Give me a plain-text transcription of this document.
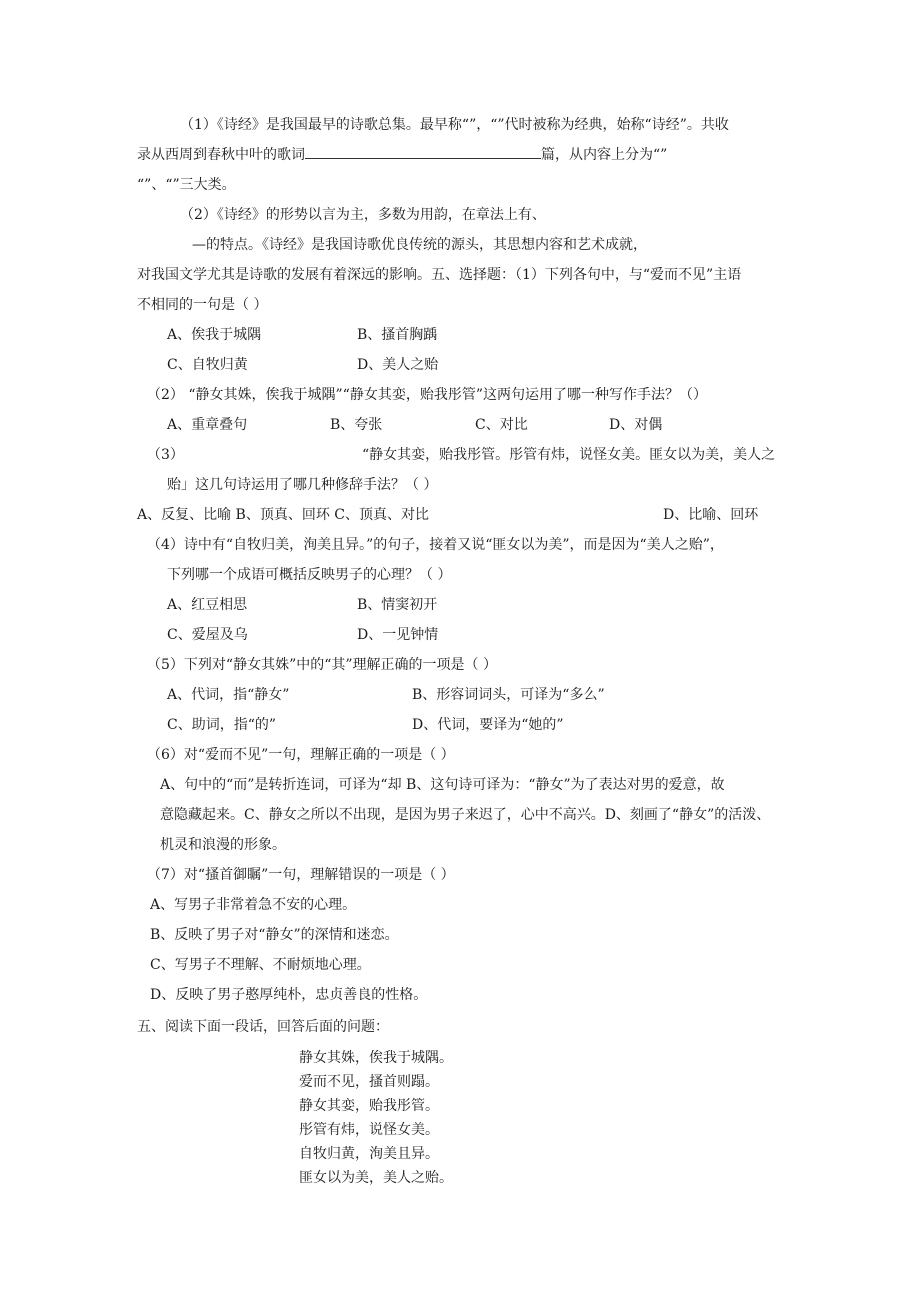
（1）《诗经》是我国最早的诗歌总集。最早称“”，“”代时被称为经典，始称“诗经”。共收
录从西周到春秋中叶的歌词	篇，从内容上分为“”
“”、“”三大类。
（2）《诗经》的形势以言为主，多数为用韵，在章法上有、
—的特点。《诗经》是我国诗歌优良传统的源头，其思想内容和艺术成就，
对我国文学尤其是诗歌的发展有着深远的影响。五、选择题：（1）下列各句中，与“爱而不见”主语
不相同的一句是（ ）
A、俟我于城隅	B、搔首胸踽
C、自牧归黄	D、美人之贻
（2） “静女其姝，俟我于城隅”“静女其娈，贻我彤管”这两句运用了哪一种写作手法？（）
A、重章叠句	B、夸张	C、对比	D、对偶
（3）	“静女其娈，贻我彤管。彤管有炜，说怪女美。匪女以为美，美人之
贻」这几句诗运用了哪几种修辞手法？（ ）
A、反复、比喻 B、顶真、回环 C、顶真、对比	D、比喻、回环
（4）诗中有“自牧归美，洵美且异。”的句子，接着又说“匪女以为美”，而是因为“美人之贻”，
下列哪一个成语可概括反映男子的心理？（ ）
A、红豆相思	B、情窦初开
C、爱屋及乌	D、一见钟情
（5）下列对“静女其姝”中的“其”理解正确的一项是（ ）
A、代词，指“静女”	B、形容词词头，可译为“多么”
C、助词，指“的”	D、代词，要译为“她的”
（6）对“爱而不见”一句，理解正确的一项是（ ）
A、句中的“而”是转折连词，可译为“却 B、这句诗可译为：“静女”为了表达对男的爱意，故
意隐藏起来。C、静女之所以不出现，是因为男子来迟了，心中不高兴。D、刻画了“静女”的活泼、
机灵和浪漫的形象。
（7）对“搔首御瞩”一句，理解错误的一项是（ ）
A、写男子非常着急不安的心理。
B、反映了男子对“静女”的深情和迷恋。
C、写男子不理解、不耐烦地心理。
D、反映了男子憨厚纯朴，忠贞善良的性格。
五、阅读下面一段话，回答后面的问题：
静女其姝，俟我于城隅。
爱而不见，搔首则蹋。
静女其娈，贻我彤管。
彤管有炜，说怪女美。
自牧归黄，洵美且异。
匪女以为美，美人之贻。
